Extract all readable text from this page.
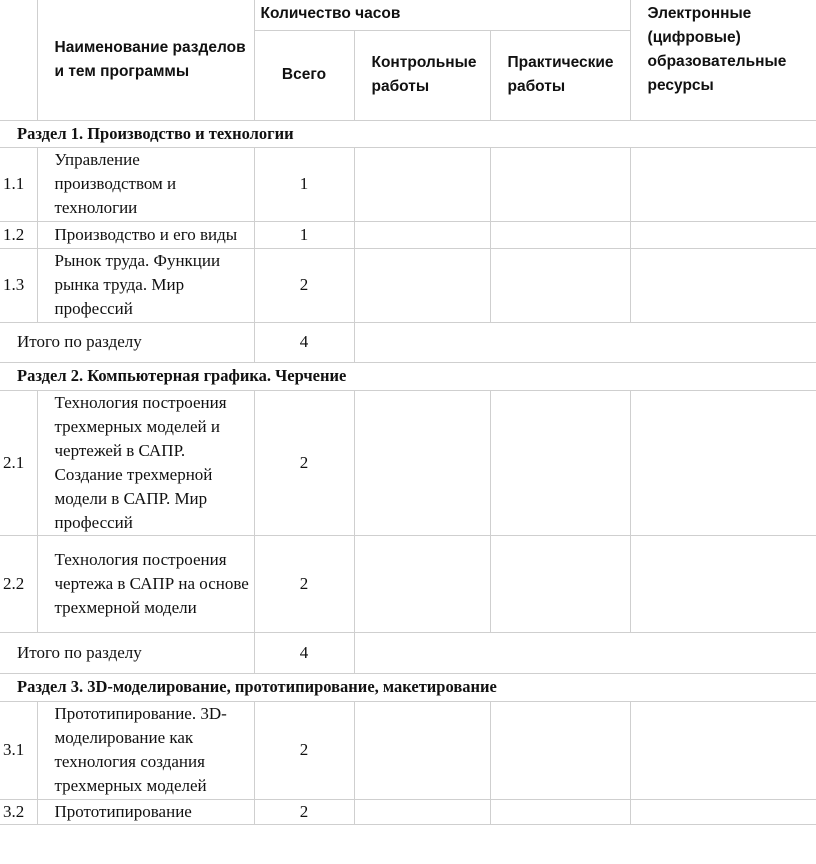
	Наименование разделов и тем программы	Количество часов			Электронные (цифровые) образовательные ресурсы
		Всего	Контрольные работы	Практические работы	
Раздел 1. Производство и технологии					
1.1	Управление производством и технологии	1			
1.2	Производство и его виды	1			
1.3	Рынок труда. Функции рынка труда. Мир профессий	2			
Итого по разделу		4			
Раздел 2. Компьютерная графика. Черчение					
2.1	Технология построения трехмерных моделей и чертежей в САПР. Создание трехмерной модели в САПР. Мир профессий	2			
2.2	Технология построения чертежа в САПР на основе трехмерной модели	2			
Итого по разделу		4			
Раздел 3. 3D-моделирование, прототипирование, макетирование					
3.1	Прототипирование. 3D-моделирование как технология создания трехмерных моделей	2			
3.2	Прототипирование	2			
